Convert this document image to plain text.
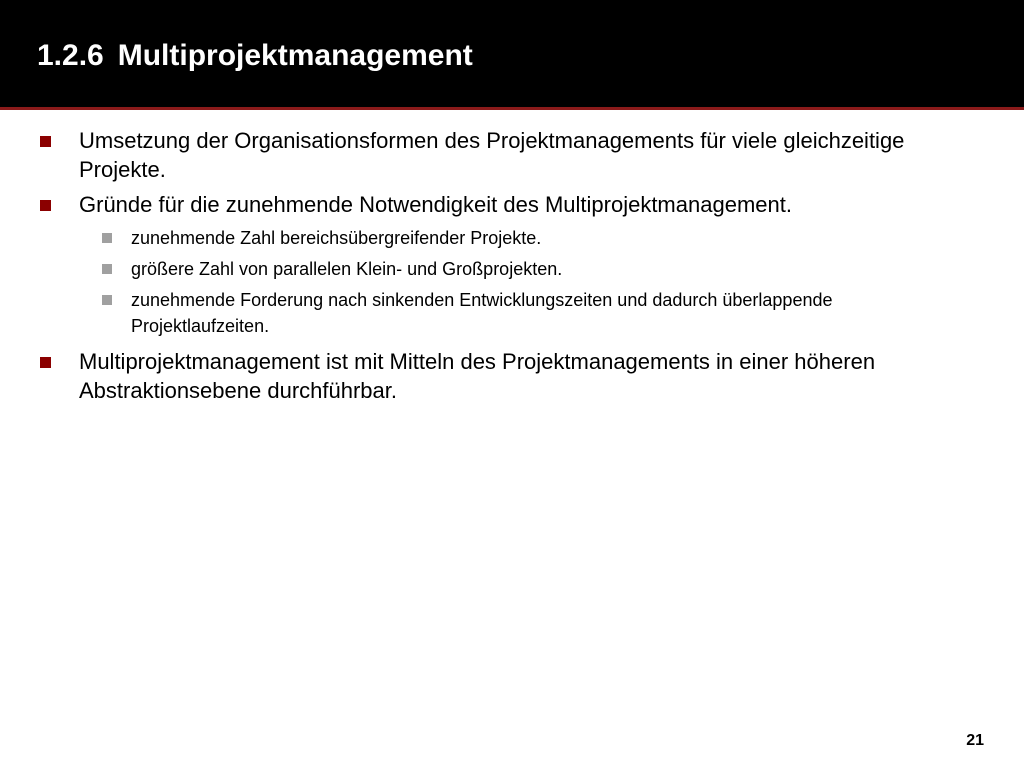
1.2.6 Multiprojektmanagement
Umsetzung der Organisationsformen des Projektmanagements für viele gleichzeitige Projekte.
Gründe für die zunehmende Notwendigkeit des Multiprojektmanagement.
zunehmende Zahl bereichsübergreifender Projekte.
größere Zahl von parallelen Klein- und Großprojekten.
zunehmende Forderung nach sinkenden Entwicklungszeiten und dadurch überlappende Projektlaufzeiten.
Multiprojektmanagement ist mit Mitteln des Projektmanagements in einer höheren Abstraktionsebene durchführbar.
21
